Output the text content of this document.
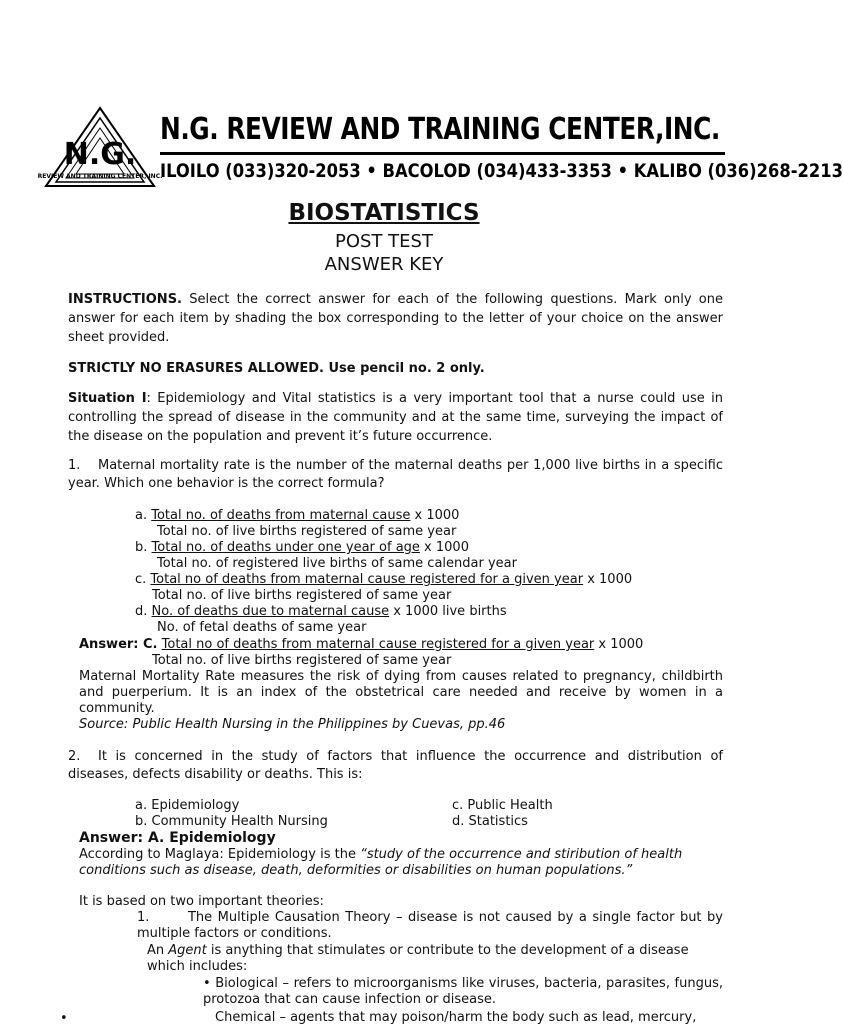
N.G.
REVIEW AND TRAINING CENTER, INC.
N.G. REVIEW AND TRAINING CENTER,INC.
ILOILO (033)320-2053 • BACOLOD (034)433-3353 • KALIBO (036)268-2213
BIOSTATISTICS
POST TEST
ANSWER KEY
INSTRUCTIONS. Select the correct answer for each of the following questions. Mark only one answer for each item by shading the box corresponding to the letter of your choice on the answer sheet provided.
STRICTLY NO ERASURES ALLOWED. Use pencil no. 2 only.
Situation I: Epidemiology and Vital statistics is a very important tool that a nurse could use in controlling the spread of disease in the community and at the same time, surveying the impact of the disease on the population and prevent it’s future occurrence.
1. Maternal mortality rate is the number of the maternal deaths per 1,000 live births in a specific year. Which one behavior is the correct formula?
a. Total no. of deaths from maternal cause x 1000
Total no. of live births registered of same year
b. Total no. of deaths under one year of age x 1000
Total no. of registered live births of same calendar year
c. Total no of deaths from maternal cause registered for a given year x 1000
Total no. of live births registered of same year
d. No. of deaths due to maternal cause x 1000 live births
No. of fetal deaths of same year
Answer: C. Total no of deaths from maternal cause registered for a given year x 1000
Total no. of live births registered of same year
Maternal Mortality Rate measures the risk of dying from causes related to pregnancy, childbirth and puerperium. It is an index of the obstetrical care needed and receive by women in a community.
Source: Public Health Nursing in the Philippines by Cuevas, pp.46
2. It is concerned in the study of factors that influence the occurrence and distribution of diseases, defects disability or deaths. This is:
a. Epidemiology
b. Community Health Nursing
c. Public Health
d. Statistics
Answer: A. Epidemiology
According to Maglaya: Epidemiology is the “study of the occurrence and stiribution of health conditions such as disease, death, deformities or disabilities on human populations.”
It is based on two important theories:
1.	The Multiple Causation Theory – disease is not caused by a single factor but by multiple factors or conditions.
An Agent is anything that stimulates or contribute to the development of a disease which includes:
• Biological – refers to microorganisms like viruses, bacteria, parasites, fungus, protozoa that can cause infection or disease.
•	Chemical – agents that may poison/harm the body such as lead, mercury,
